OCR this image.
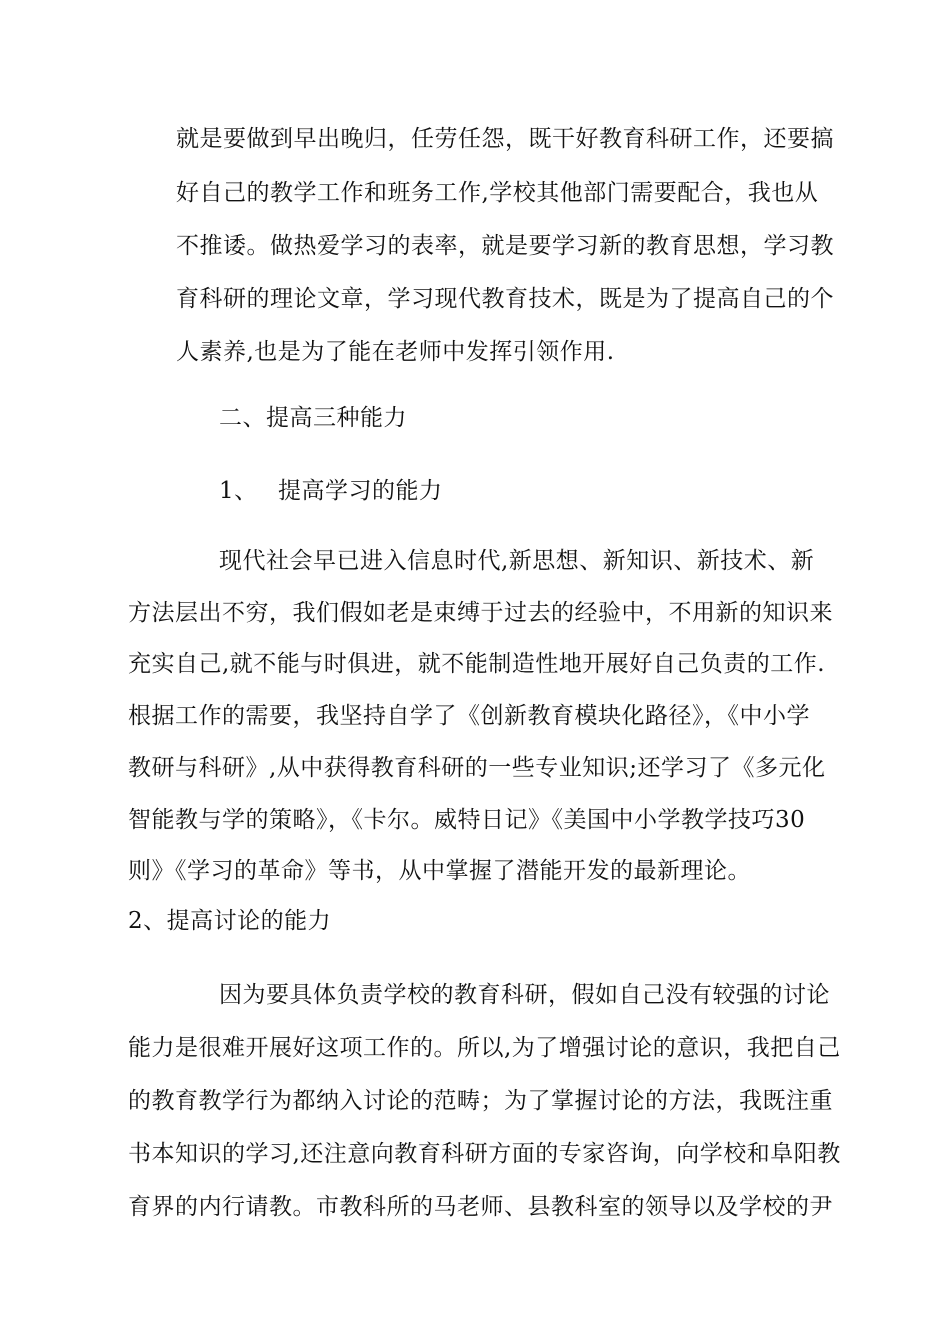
就是要做到早出晚归，任劳任怨，既干好教育科研工作，还要搞
好自己的教学工作和班务工作,学校其他部门需要配合，我也从
不推诿。做热爱学习的表率，就是要学习新的教育思想，学习教
育科研的理论文章，学习现代教育技术，既是为了提高自己的个
人素养,也是为了能在老师中发挥引领作用.
二、提高三种能力
1、 提高学习的能力
现代社会早已进入信息时代,新思想、新知识、新技术、新
方法层出不穷，我们假如老是束缚于过去的经验中，不用新的知识来
充实自己,就不能与时俱进，就不能制造性地开展好自己负责的工作.
根据工作的需要，我坚持自学了《创新教育模块化路径》，《中小学
教研与科研》,从中获得教育科研的一些专业知识;还学习了《多元化
智能教与学的策略》，《卡尔。威特日记》《美国中小学教学技巧30
则》《学习的革命》等书，从中掌握了潜能开发的最新理论。
2、提高讨论的能力
因为要具体负责学校的教育科研，假如自己没有较强的讨论
能力是很难开展好这项工作的。所以,为了增强讨论的意识，我把自己
的教育教学行为都纳入讨论的范畴；为了掌握讨论的方法，我既注重
书本知识的学习,还注意向教育科研方面的专家咨询，向学校和阜阳教
育界的内行请教。市教科所的马老师、县教科室的领导以及学校的尹
